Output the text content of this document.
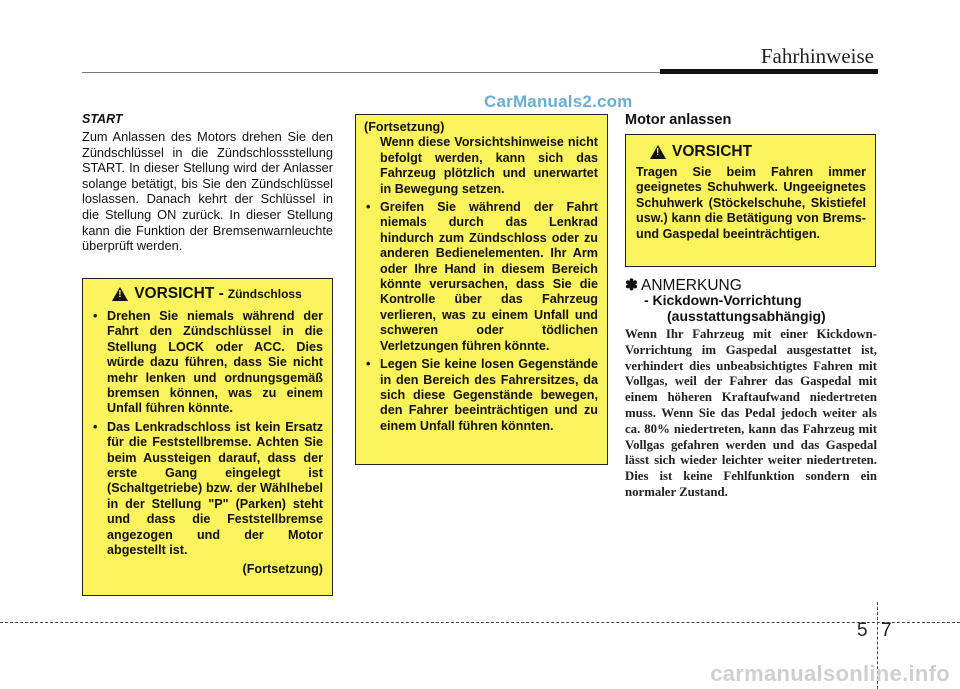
Fahrhinweise
CarManuals2.com
START
Zum Anlassen des Motors drehen Sie den Zündschlüssel in die Zündschlossstellung START. In dieser Stellung wird der Anlasser solange betätigt, bis Sie den Zündschlüssel loslassen. Danach kehrt der Schlüssel in die Stellung ON zurück. In dieser Stellung kann die Funktion der Bremsenwarnleuchte überprüft werden.
!
VORSICHT - Zündschloss
• Drehen Sie niemals während der Fahrt den Zündschlüssel in die Stellung LOCK oder ACC. Dies würde dazu führen, dass Sie nicht mehr lenken und ordnungsgemäß bremsen können, was zu einem Unfall führen könnte.
• Das Lenkradschloss ist kein Ersatz für die Feststellbremse. Achten Sie beim Aussteigen darauf, dass der erste Gang eingelegt ist (Schaltgetriebe) bzw. der Wählhebel in der Stellung "P" (Parken) steht und dass die Feststellbremse angezogen und der Motor abgestellt ist.
(Fortsetzung)
(Fortsetzung)
Wenn diese Vorsichtshinweise nicht befolgt werden, kann sich das Fahrzeug plötzlich und unerwartet in Bewegung setzen.
• Greifen Sie während der Fahrt niemals durch das Lenkrad hindurch zum Zündschloss oder zu anderen Bedienelementen. Ihr Arm oder Ihre Hand in diesem Bereich könnte verursachen, dass Sie die Kontrolle über das Fahrzeug verlieren, was zu einem Unfall und schweren oder tödlichen Verletzungen führen könnte.
• Legen Sie keine losen Gegenstände in den Bereich des Fahrersitzes, da sich diese Gegenstände bewegen, den Fahrer beeinträchtigen und zu einem Unfall führen könnten.
Motor anlassen
!
VORSICHT
Tragen Sie beim Fahren immer geeignetes Schuhwerk. Ungeeignetes Schuhwerk (Stöckelschuhe, Skistiefel usw.) kann die Betätigung von Brems- und Gaspedal beeinträchtigen.
✽ ANMERKUNG
- Kickdown-Vorrichtung
(ausstattungsabhängig)
Wenn Ihr Fahrzeug mit einer Kickdown-Vorrichtung im Gaspedal ausgestattet ist, verhindert dies unbeabsichtigtes Fahren mit Vollgas, weil der Fahrer das Gaspedal mit einem höheren Kraftaufwand niedertreten muss. Wenn Sie das Pedal jedoch weiter als ca. 80% niedertreten, kann das Fahrzeug mit Vollgas gefahren werden und das Gaspedal lässt sich wieder leichter weiter niedertreten. Dies ist keine Fehlfunktion sondern ein normaler Zustand.
5 7
carmanualsonline.info
